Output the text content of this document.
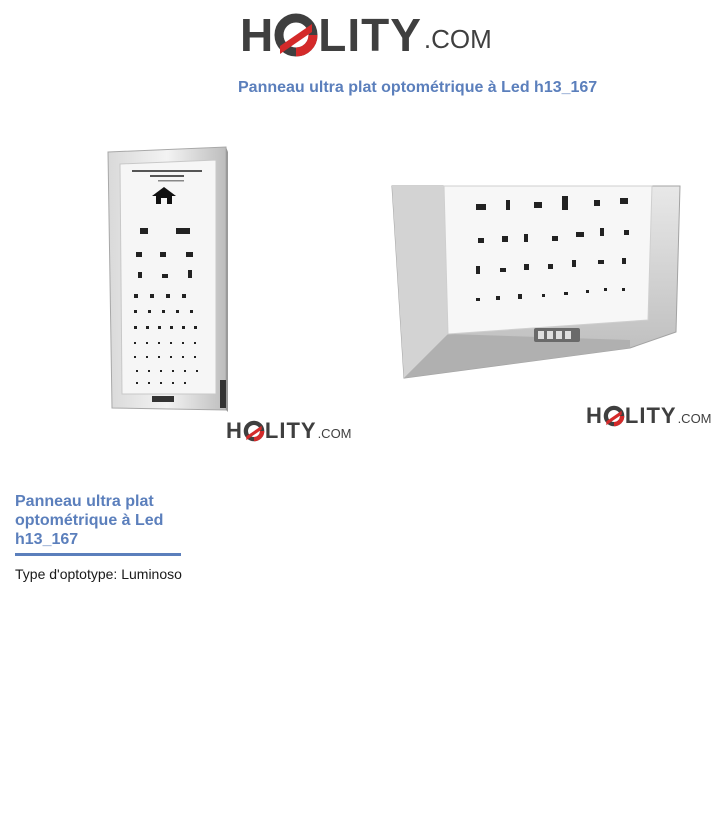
H LITY .COM
Panneau ultra plat optométrique à Led h13_167
H LITY .COM
H LITY .COM
Panneau ultra plat optométrique à Led h13_167
Type d'optotype: Luminoso
